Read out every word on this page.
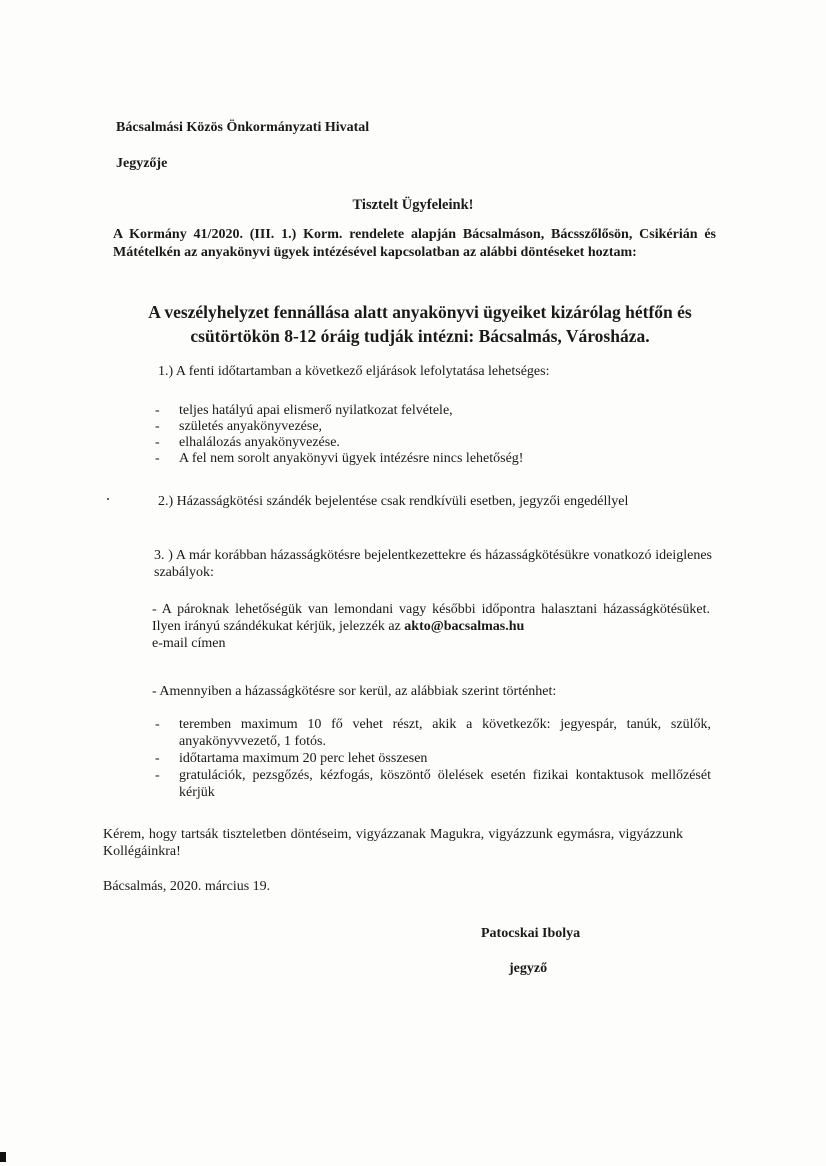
Bácsalmási Közös Önkormányzati Hivatal
Jegyzője
Tisztelt Ügyfeleink!

A Kormány 41/2020. (III. 1.) Korm. rendelete alapján Bácsalmáson, Bácsszőlősön, Csikérián és Mátételkén az anyakönyvi ügyek intézésével kapcsolatban az alábbi döntéseket hoztam:

A veszélyhelyzet fennállása alatt anyakönyvi ügyeiket kizárólag hétfőn és csütörtökön 8-12 óráig tudják intézni: Bácsalmás, Városháza.

1.) A fenti időtartamban a következő eljárások lefolytatása lehetséges:
- teljes hatályú apai elismerő nyilatkozat felvétele,
- születés anyakönyvezése,
- elhalálozás anyakönyvezése.
- A fel nem sorolt anyakönyvi ügyek intézésre nincs lehetőség!
2.) Házasságkötési szándék bejelentése csak rendkívüli esetben, jegyzői engedéllyel

3. ) A már korábban házasságkötésre bejelentkezettekre és házasságkötésükre vonatkozó ideiglenes szabályok:

- A pároknak lehetőségük van lemondani vagy későbbi időpontra halasztani házasságkötésüket. Ilyen irányú szándékukat kérjük, jelezzék az akto@bacsalmas.hu
e-mail címen

- Amennyiben a házasságkötésre sor kerül, az alábbiak szerint történhet:

- teremben maximum 10 fő vehet részt, akik a következők: jegyespár, tanúk, szülők, anyakönyvvezető, 1 fotós.
- időtartama maximum 20 perc lehet összesen
- gratulációk, pezsgőzés, kézfogás, köszöntő ölelések esetén fizikai kontaktusok mellőzését kérjük

Kérem, hogy tartsák tiszteletben döntéseim, vigyázzanak Magukra, vigyázzunk egymásra, vigyázzunk Kollégáinkra!

Bácsalmás, 2020. március 19.
Patocskai Ibolya
jegyző
